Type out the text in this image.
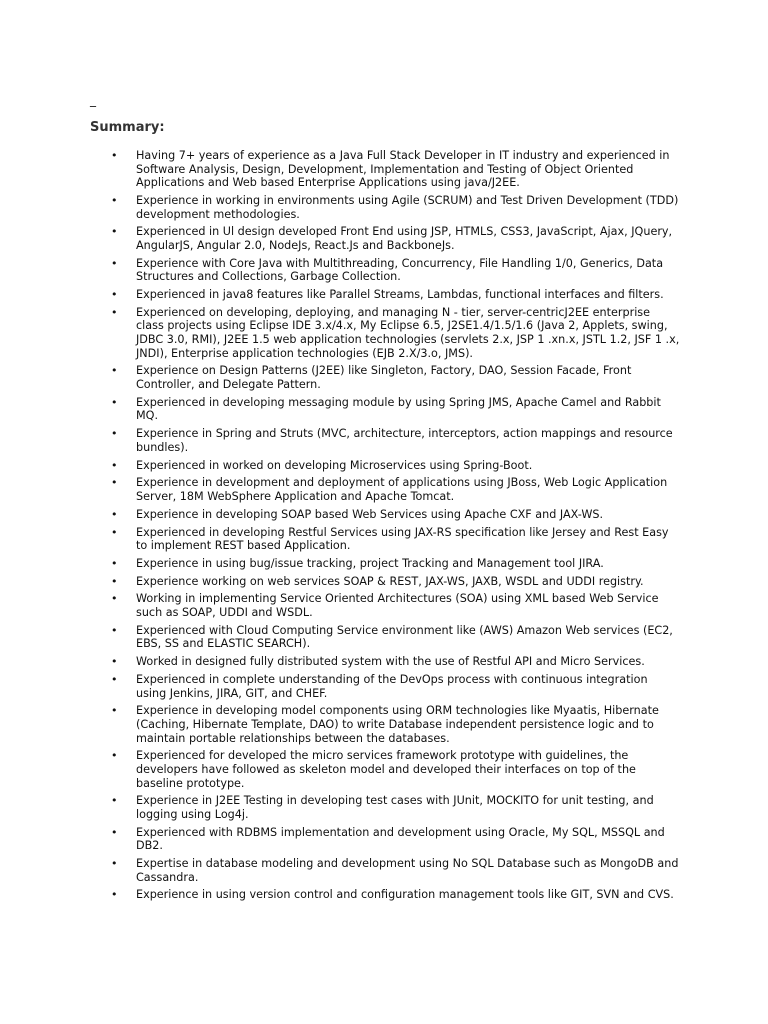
_
Summary:
• Having 7+ years of experience as a Java Full Stack Developer in IT industry and experienced in Software Analysis, Design, Development, Implementation and Testing of Object Oriented Applications and Web based Enterprise Applications using java/J2EE.
• Experience in working in environments using Agile (SCRUM) and Test Driven Development (TDD) development methodologies.
• Experienced in Ul design developed Front End using JSP, HTMLS, CSS3, JavaScript, Ajax, JQuery, AngularJS, Angular 2.0, NodeJs, React.Js and BackboneJs.
• Experience with Core Java with Multithreading, Concurrency, File Handling 1/0, Generics, Data Structures and Collections, Garbage Collection.
• Experienced in java8 features like Parallel Streams, Lambdas, functional interfaces and filters.
• Experienced on developing, deploying, and managing N - tier, server-centricJ2EE enterprise class projects using Eclipse IDE 3.x/4.x, My Eclipse 6.5, J2SE1.4/1.5/1.6 (Java 2, Applets, swing, JDBC 3.0, RMI), J2EE 1.5 web application technologies (servlets 2.x, JSP 1 .xn.x, JSTL 1.2, JSF 1 .x, JNDI), Enterprise application technologies (EJB 2.X/3.o, JMS).
• Experience on Design Patterns (J2EE) like Singleton, Factory, DAO, Session Facade, Front Controller, and Delegate Pattern.
• Experienced in developing messaging module by using Spring JMS, Apache Camel and Rabbit MQ.
• Experience in Spring and Struts (MVC, architecture, interceptors, action mappings and resource bundles).
• Experienced in worked on developing Microservices using Spring-Boot.
• Experience in development and deployment of applications using JBoss, Web Logic Application Server, 18M WebSphere Application and Apache Tomcat.
• Experience in developing SOAP based Web Services using Apache CXF and JAX-WS.
• Experienced in developing Restful Services using JAX-RS specification like Jersey and Rest Easy to implement REST based Application.
• Experience in using bug/issue tracking, project Tracking and Management tool JIRA.
• Experience working on web services SOAP & REST, JAX-WS, JAXB, WSDL and UDDI registry.
• Working in implementing Service Oriented Architectures (SOA) using XML based Web Service such as SOAP, UDDI and WSDL.
• Experienced with Cloud Computing Service environment like (AWS) Amazon Web services (EC2, EBS, SS and ELASTIC SEARCH).
• Worked in designed fully distributed system with the use of Restful API and Micro Services.
• Experienced in complete understanding of the DevOps process with continuous integration using Jenkins, JIRA, GIT, and CHEF.
• Experience in developing model components using ORM technologies like Myaatis, Hibernate (Caching, Hibernate Template, DAO) to write Database independent persistence logic and to maintain portable relationships between the databases.
• Experienced for developed the micro services framework prototype with guidelines, the developers have followed as skeleton model and developed their interfaces on top of the baseline prototype.
• Experience in J2EE Testing in developing test cases with JUnit, MOCKITO for unit testing, and logging using Log4j.
• Experienced with RDBMS implementation and development using Oracle, My SQL, MSSQL and DB2.
• Expertise in database modeling and development using No SQL Database such as MongoDB and Cassandra.
• Experience in using version control and configuration management tools like GIT, SVN and CVS.
